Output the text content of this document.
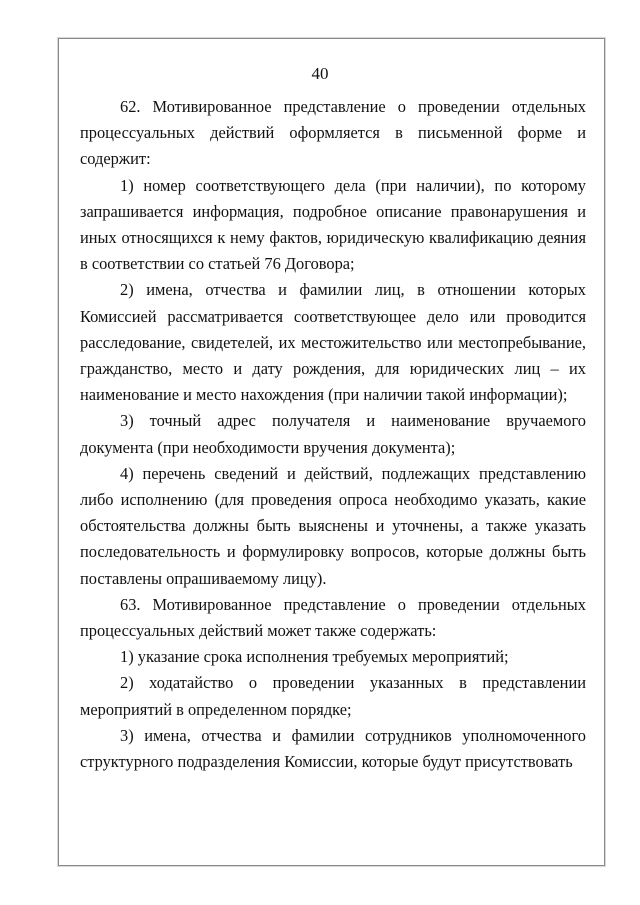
40

62. Мотивированное представление о проведении отдельных процессуальных действий оформляется в письменной форме и содержит:

1) номер соответствующего дела (при наличии), по которому запрашивается информация, подробное описание правонарушения и иных относящихся к нему фактов, юридическую квалификацию деяния в соответствии со статьей 76 Договора;

2) имена, отчества и фамилии лиц, в отношении которых Комиссией рассматривается соответствующее дело или проводится расследование, свидетелей, их местожительство или местопребывание, гражданство, место и дату рождения, для юридических лиц – их наименование и место нахождения (при наличии такой информации);

3) точный адрес получателя и наименование вручаемого документа (при необходимости вручения документа);

4) перечень сведений и действий, подлежащих представлению либо исполнению (для проведения опроса необходимо указать, какие обстоятельства должны быть выяснены и уточнены, а также указать последовательность и формулировку вопросов, которые должны быть поставлены опрашиваемому лицу).

63. Мотивированное представление о проведении отдельных процессуальных действий может также содержать:

1) указание срока исполнения требуемых мероприятий;

2) ходатайство о проведении указанных в представлении мероприятий в определенном порядке;

3) имена, отчества и фамилии сотрудников уполномоченного структурного подразделения Комиссии, которые будут присутствовать
